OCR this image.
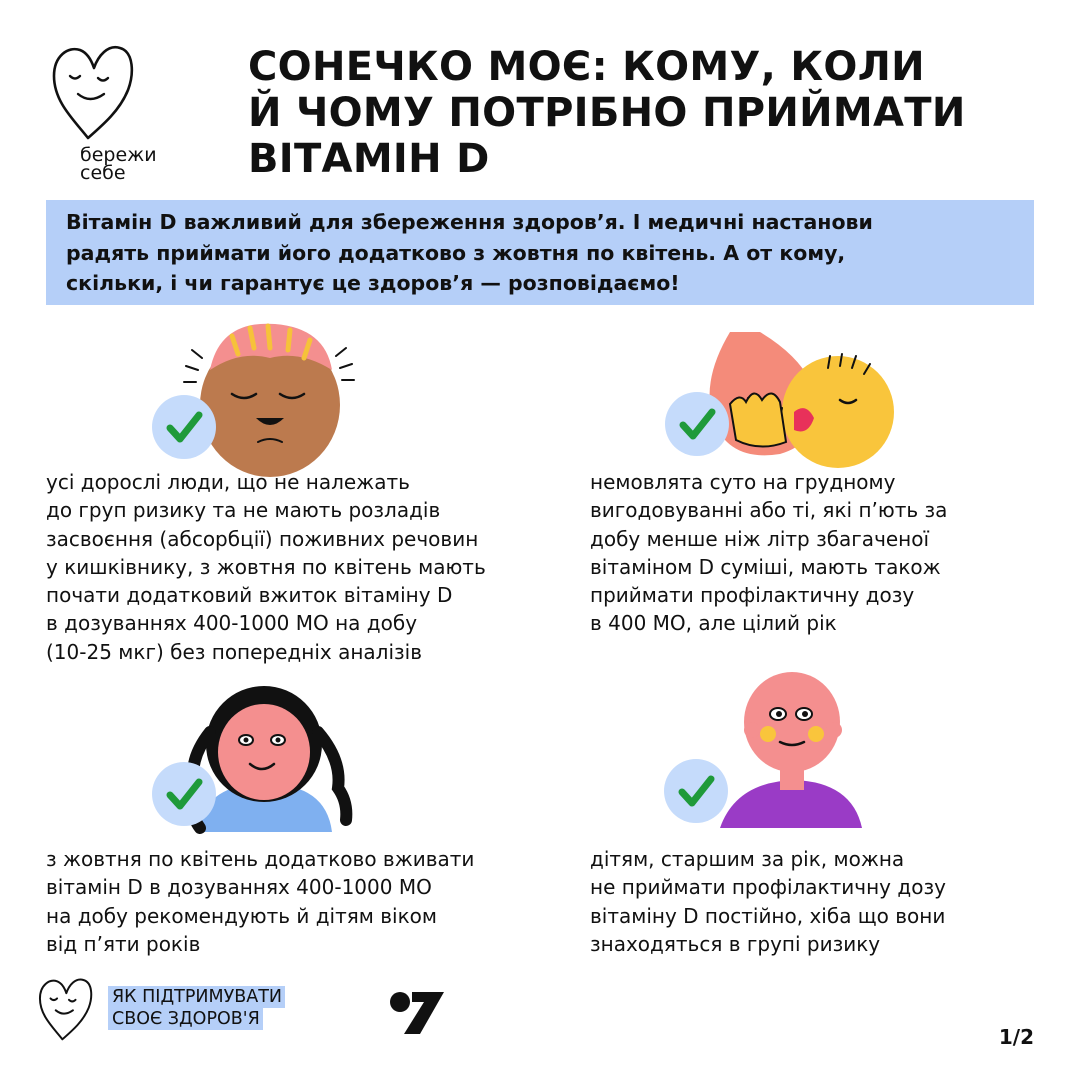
бережи
себе
СОНЕЧКО МОЄ: КОМУ, КОЛИ
Й ЧОМУ ПОТРІБНО ПРИЙМАТИ
ВІТАМІН D
Вітамін D важливий для збереження здоров’я. І медичні настанови
радять приймати його додатково з жовтня по квітень. А от кому,
скільки, і чи гарантує це здоров’я — розповідаємо!
усі дорослі люди, що не належать
до груп ризику та не мають розладів
засвоєння (абсорбції) поживних речовин
у кишківнику, з жовтня по квітень мають
почати додатковий вжиток вітаміну D
в дозуваннях 400-1000 МО на добу
(10-25 мкг) без попередніх аналізів
немовлята суто на грудному
вигодовуванні або ті, які п’ють за
добу менше ніж літр збагаченої
вітаміном D суміші, мають також
приймати профілактичну дозу
в 400 МО, але цілий рік
з жовтня по квітень додатково вживати
вітамін D в дозуваннях 400-1000 МО
на добу рекомендують й дітям віком
від п’яти років
дітям, старшим за рік, можна
не приймати профілактичну дозу
вітаміну D постійно, хіба що вони
знаходяться в групі ризику
ЯК ПІДТРИМУВАТИ
СВОЄ ЗДОРОВ'Я
1/2
